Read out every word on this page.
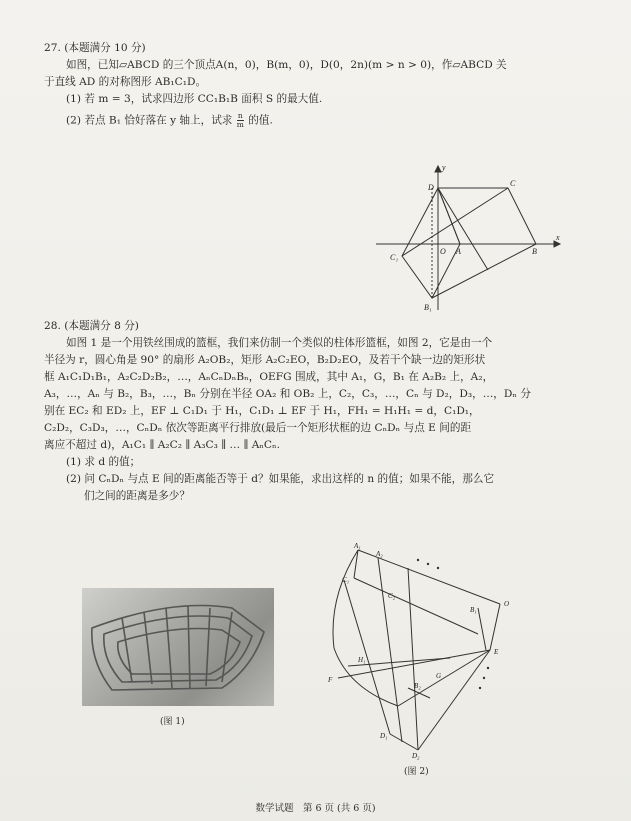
27. (本题满分 10 分)

如图，已知▱ABCD 的三个顶点A(n，0)，B(m，0)，D(0，2n)(m > n > 0)，作▱ABCD 关

于直线 AD 的对称图形 AB₁C₁D。

(1) 若 m = 3，试求四边形 CC₁B₁B 面积 S 的最大值.

(2) 若点 B₁ 恰好落在 y 轴上，试求 $\frac{n}{m}$ 的值.

y
x
O A	B
C
D
C₁
B₁

28. (本题满分 8 分)

如图 1 是一个用铁丝围成的篮框，我们来仿制一个类似的柱体形篮框，如图 2，它是由一个

半径为 r，圆心角是 90° 的扇形 A₂OB₂，矩形 A₂C₂EO，B₂D₂EO，及若干个缺一边的矩形状

框 A₁C₁D₁B₁，A₂C₂D₂B₂，…，AₙCₙDₙBₙ，OEFG 围成，其中 A₁，G，B₁ 在 A₂B₂ 上，A₂，

A₃，…，Aₙ 与 B₂，B₃，…，Bₙ 分别在半径 OA₂ 和 OB₂ 上，C₂，C₃，…，Cₙ 与 D₂，D₃，…，Dₙ 分

别在 EC₂ 和 ED₂ 上，EF ⊥ C₁D₁ 于 H₁，C₁D₁ ⊥ EF 于 H₁，FH₁ = H₁H₁ = d，C₁D₁，

C₂D₂，C₃D₃，…，CₙDₙ 依次等距离平行排放(最后一个矩形状框的边 CₙDₙ 与点 E 间的距

离应不超过 d)，A₁C₁ ∥ A₂C₂ ∥ A₃C₃ ∥ … ∥ AₙCₙ.

(1) 求 d 的值；

(2) 问 CₙDₙ 与点 E 间的距离能否等于 d？如果能，求出这样的 n 的值；如果不能，那么它

们之间的距离是多少？

(图 1)
A₁
A₂
C₁
C₂
O
E
F
H₁
B₁
B₂
D₁
D₂
G
(图 2)
数学试题　第 6 页 (共 6 页)
